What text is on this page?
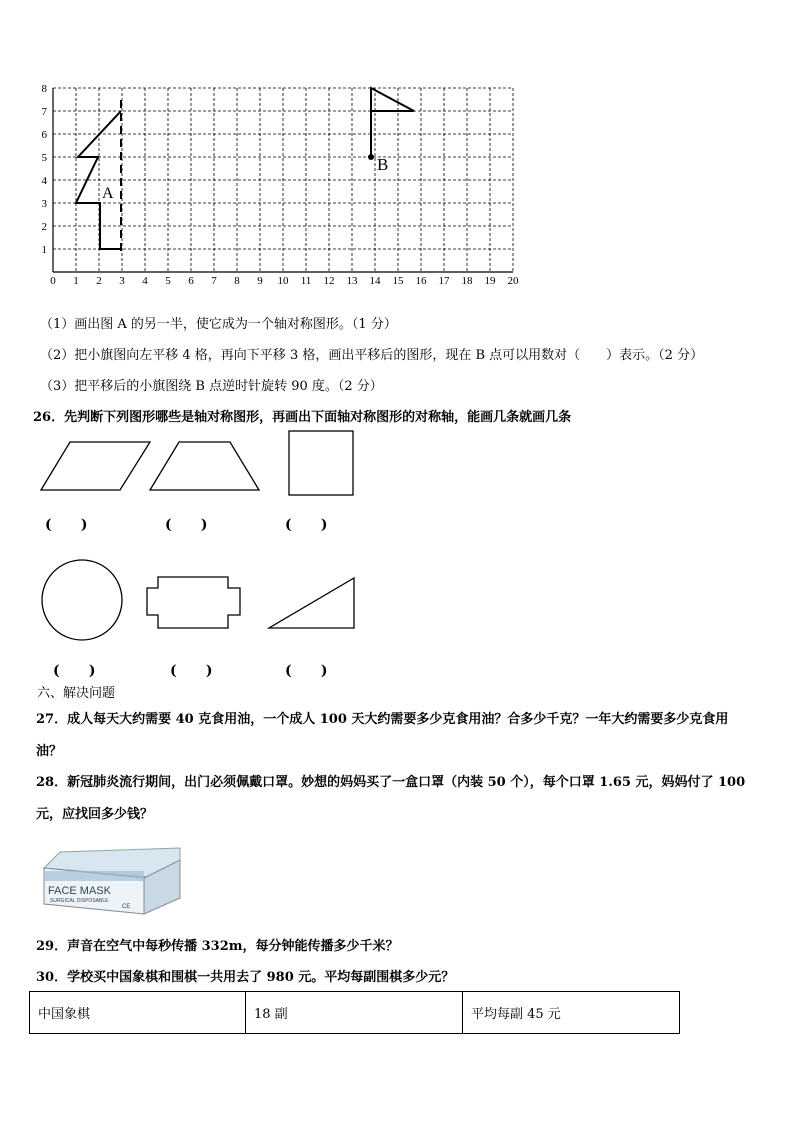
0 1 2 3 4 5 6 7 8 9 10 11 12 13 14 15 16 17 18 19 20
1
2
3
4
5
6
7
8
A
B
（1）画出图 A 的另一半，使它成为一个轴对称图形。（1 分）
（2）把小旗图向左平移 4 格，再向下平移 3 格，画出平移后的图形，现在 B 点可以用数对（　　）表示。（2 分）
（3）把平移后的小旗图绕 B 点逆时针旋转 90 度。（2 分）
26．先判断下列图形哪些是轴对称图形，再画出下面轴对称图形的对称轴，能画几条就画几条
(      )	(      )	(      )
(      )	(      )	(      )
六、解决问题
27．成人每天大约需要 40 克食用油，一个成人 100 天大约需要多少克食用油？合多少千克？一年大约需要多少克食用
油？
28．新冠肺炎流行期间，出门必须佩戴口罩。妙想的妈妈买了一盒口罩（内装 50 个），每个口罩 1.65 元，妈妈付了 100
元，应找回多少钱？
FACE MASK
SURGICAL DISPOSABLE
CE
29．声音在空气中每秒传播 332m，每分钟能传播多少千米？
30．学校买中国象棋和围棋一共用去了 980 元。平均每副围棋多少元？
中国象棋	18 副	平均每副 45 元
